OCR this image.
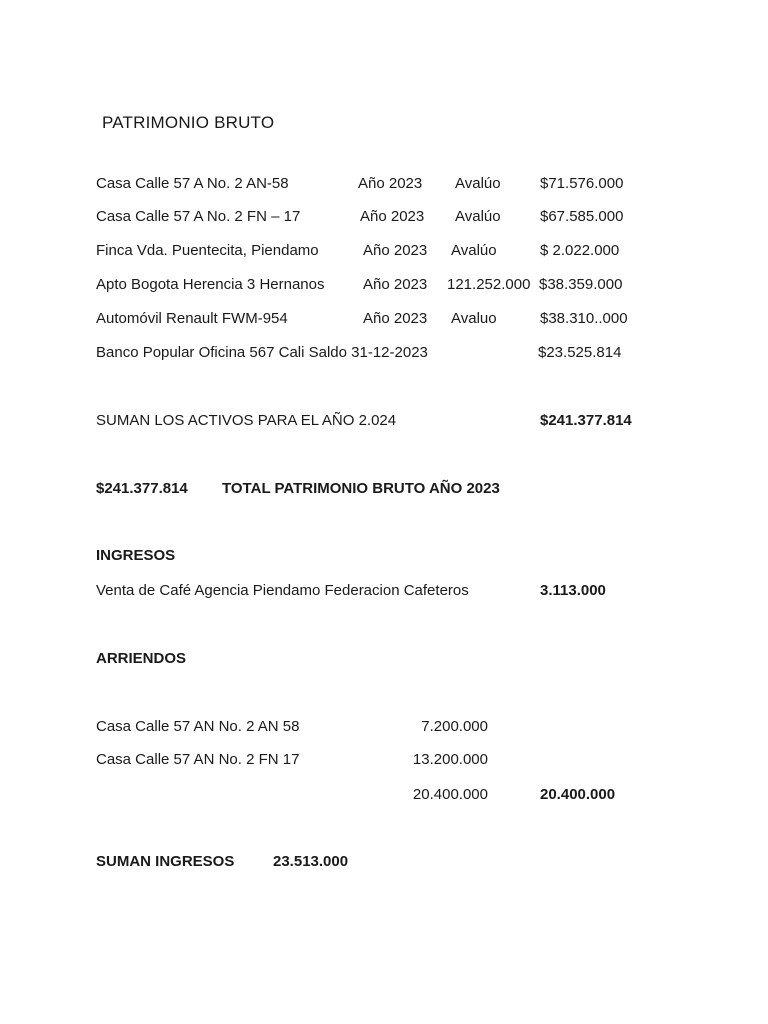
PATRIMONIO BRUTO
Casa Calle 57 A No. 2 AN-58	Año 2023 Avalúo	$71.576.000
Casa Calle 57 A No. 2 FN – 17	Año 2023 Avalúo	$67.585.000
Finca Vda. Puentecita, Piendamo	Año 2023 Avalúo	$ 2.022.000
Apto Bogota Herencia 3 Hernanos	Año 2023 121.252.000 $38.359.000
Automóvil Renault FWM-954	Año 2023 Avaluo	$38.310..000
Banco Popular Oficina 567 Cali Saldo 31-12-2023	$23.525.814
SUMAN LOS ACTIVOS PARA EL AÑO 2.024	$241.377.814
$241.377.814 TOTAL PATRIMONIO BRUTO AÑO 2023
INGRESOS
Venta de Café Agencia Piendamo Federacion Cafeteros	3.113.000
ARRIENDOS
Casa Calle 57 AN No. 2 AN 58	7.200.000
Casa Calle 57 AN No. 2 FN 17	13.200.000
20.400.000	20.400.000
SUMAN INGRESOS	23.513.000
